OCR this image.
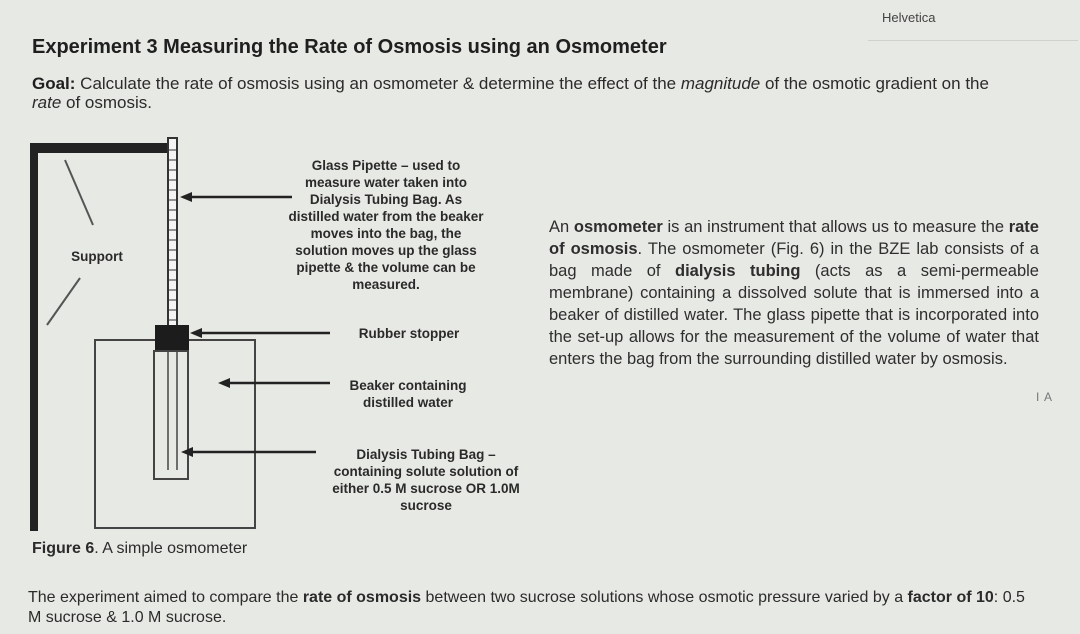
Helvetica
Experiment 3 Measuring the Rate of Osmosis using an Osmometer
Goal: Calculate the rate of osmosis using an osmometer & determine the effect of the magnitude of the osmotic gradient on the rate of osmosis.
Support
Glass Pipette – used to measure water taken into Dialysis Tubing Bag. As distilled water from the beaker moves into the bag, the solution moves up the glass pipette & the volume can be measured.
Rubber stopper
Beaker containing distilled water
Dialysis Tubing Bag – containing solute solution of either 0.5 M sucrose OR 1.0M sucrose
An osmometer is an instrument that allows us to measure the rate of osmosis. The osmometer (Fig. 6) in the BZE lab consists of a bag made of dialysis tubing (acts as a semi-permeable membrane) containing a dissolved solute that is immersed into a beaker of distilled water. The glass pipette that is incorporated into the set-up allows for the measurement of the volume of water that enters the bag from the surrounding distilled water by osmosis.
I A
Figure 6. A simple osmometer
The experiment aimed to compare the rate of osmosis between two sucrose solutions whose osmotic pressure varied by a factor of 10: 0.5 M sucrose & 1.0 M sucrose.
